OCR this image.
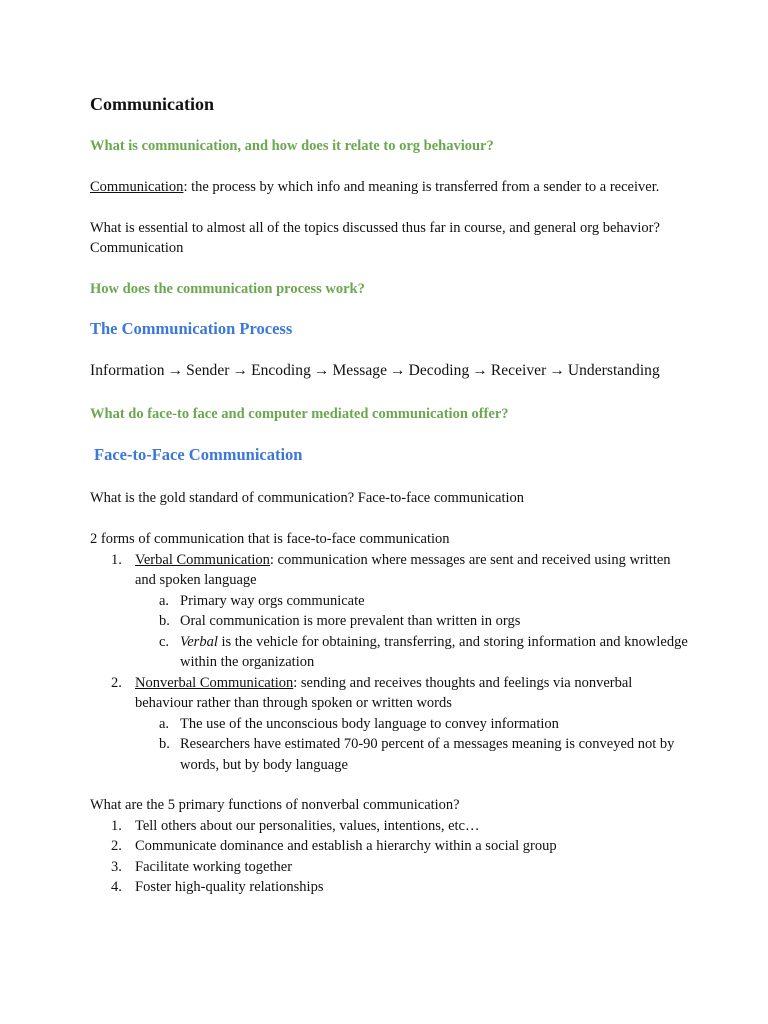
Communication

What is communication, and how does it relate to org behaviour?

Communication: the process by which info and meaning is transferred from a sender to a receiver.

What is essential to almost all of the topics discussed thus far in course, and general org behavior? Communication

How does the communication process work?

The Communication Process

Information → Sender → Encoding → Message → Decoding → Receiver → Understanding

What do face-to face and computer mediated communication offer?

Face-to-Face Communication

What is the gold standard of communication? Face-to-face communication

2 forms of communication that is face-to-face communication

1. Verbal Communication: communication where messages are sent and received using written and spoken language
a. Primary way orgs communicate
b. Oral communication is more prevalent than written in orgs
c. Verbal is the vehicle for obtaining, transferring, and storing information and knowledge within the organization
2. Nonverbal Communication: sending and receives thoughts and feelings via nonverbal behaviour rather than through spoken or written words
a. The use of the unconscious body language to convey information
b. Researchers have estimated 70-90 percent of a messages meaning is conveyed not by words, but by body language

What are the 5 primary functions of nonverbal communication?

1. Tell others about our personalities, values, intentions, etc…
2. Communicate dominance and establish a hierarchy within a social group
3. Facilitate working together
4. Foster high-quality relationships
